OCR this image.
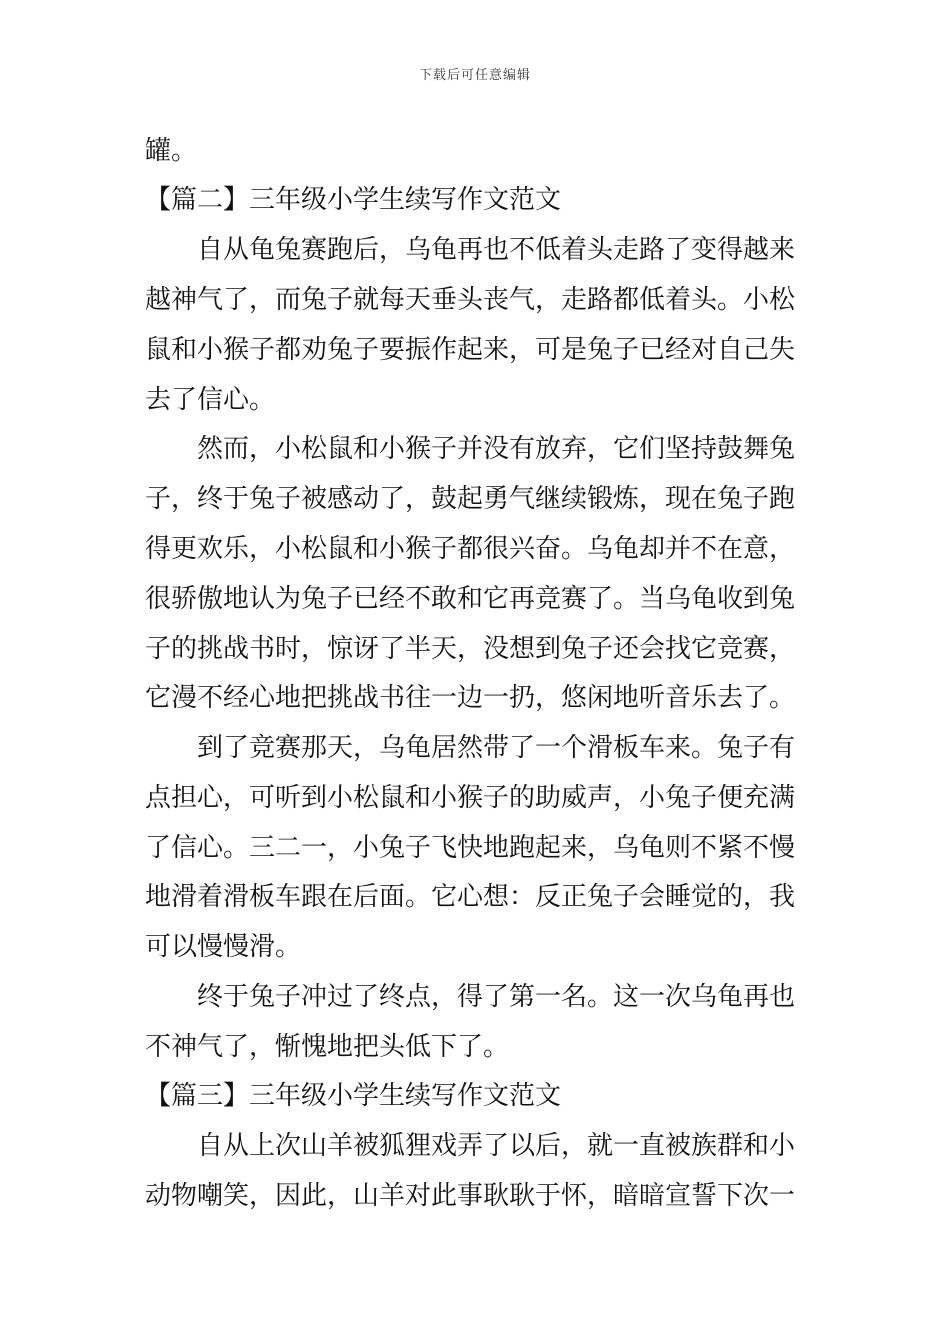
下载后可任意编辑
罐。
【篇二】三年级小学生续写作文范文
　　自从龟兔赛跑后，乌龟再也不低着头走路了变得越来
越神气了，而兔子就每天垂头丧气，走路都低着头。小松
鼠和小猴子都劝兔子要振作起来，可是兔子已经对自己失
去了信心。
　　然而，小松鼠和小猴子并没有放弃，它们坚持鼓舞兔
子，终于兔子被感动了，鼓起勇气继续锻炼，现在兔子跑
得更欢乐，小松鼠和小猴子都很兴奋。乌龟却并不在意，
很骄傲地认为兔子已经不敢和它再竞赛了。当乌龟收到兔
子的挑战书时，惊讶了半天，没想到兔子还会找它竞赛，
它漫不经心地把挑战书往一边一扔，悠闲地听音乐去了。
　　到了竞赛那天，乌龟居然带了一个滑板车来。兔子有
点担心，可听到小松鼠和小猴子的助威声，小兔子便充满
了信心。三二一，小兔子飞快地跑起来，乌龟则不紧不慢
地滑着滑板车跟在后面。它心想：反正兔子会睡觉的，我
可以慢慢滑。
　　终于兔子冲过了终点，得了第一名。这一次乌龟再也
不神气了，惭愧地把头低下了。
【篇三】三年级小学生续写作文范文
　　自从上次山羊被狐狸戏弄了以后，就一直被族群和小
动物嘲笑，因此，山羊对此事耿耿于怀，暗暗宣誓下次一
